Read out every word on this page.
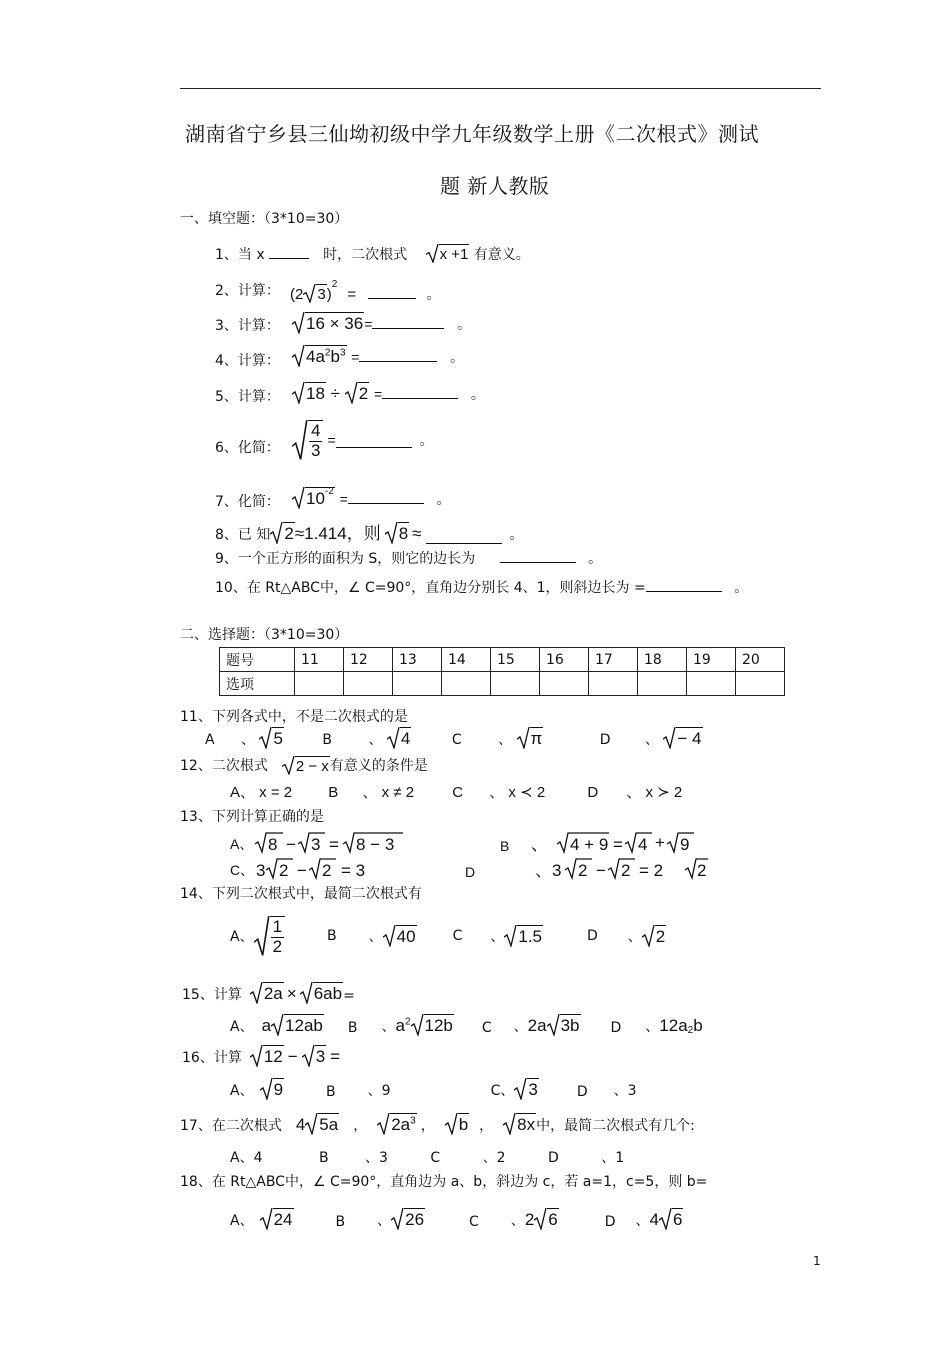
湖南省宁乡县三仙坳初级中学九年级数学上册《二次根式》测试
题 新人教版
一、填空题：（3*10=30）
1、当 x	时，二次根式 x +1 有意义。
2、计算： (2 3)$^2$ =	。
3、计算：	16 × 36=	。
4、计算：	$4a^2b^3$ =	。
5、计算：	18 ÷ 2 =	。
6、化简： $\frac{4}{3}$ =	。
7、化简：	$10^{-2}$ =	。
8、已 知 2 ≈1.414，则	8 ≈	。
9、一个正方形的面积为 S，则它的边长为	。
10、在 Rt△ABC中，∠ C=90°，直角边分别长 4、1，则斜边长为 =	。
二、选择题：（3*10=30）
题号	11	12	13	14	15	16	17	18	19	20
选项										
11、下列各式中，不是二次根式的是
A 、 5	B	、 4	C	、 π	D 、 − 4
12、二次根式	2 − x 有意义的条件是
A、 x = 2 B 、 x ≠ 2	C 、 x ≺ 2	D 、 x ≻ 2
13、下列计算正确的是
A、 8 − 3 = 8 − 3	B 、 4 + 9 = 4 + 9
C、 3 2 − 2 = 3	D	、3 2 − 2 = 2 2
14、下列二次根式中，最简二次根式有
A、 $\frac{1}{2}$	B 、 40	C 、 1.5	D 、 2
15、计算	2a ×	6ab =
A、 a 12ab B 、 $a^2$ 12b C 、 2a 3b D 、 $12a_2$ b
16、计算	12 −	3 =
A、	9	B 、9	C、 3	D 、3
17、在二次根式 4 5a ，	$2a^3$ ，	b ，	8x 中，最简二次根式有几个:
A、4	B	、3	C	、2	D	、1
18、在 Rt△ABC中，∠ C=90°，直角边为 a、b，斜边为 c，若 a=1，c=5，则 b=
A、	24	B 、 26	C 、 2 6	D 、 4 6
1
